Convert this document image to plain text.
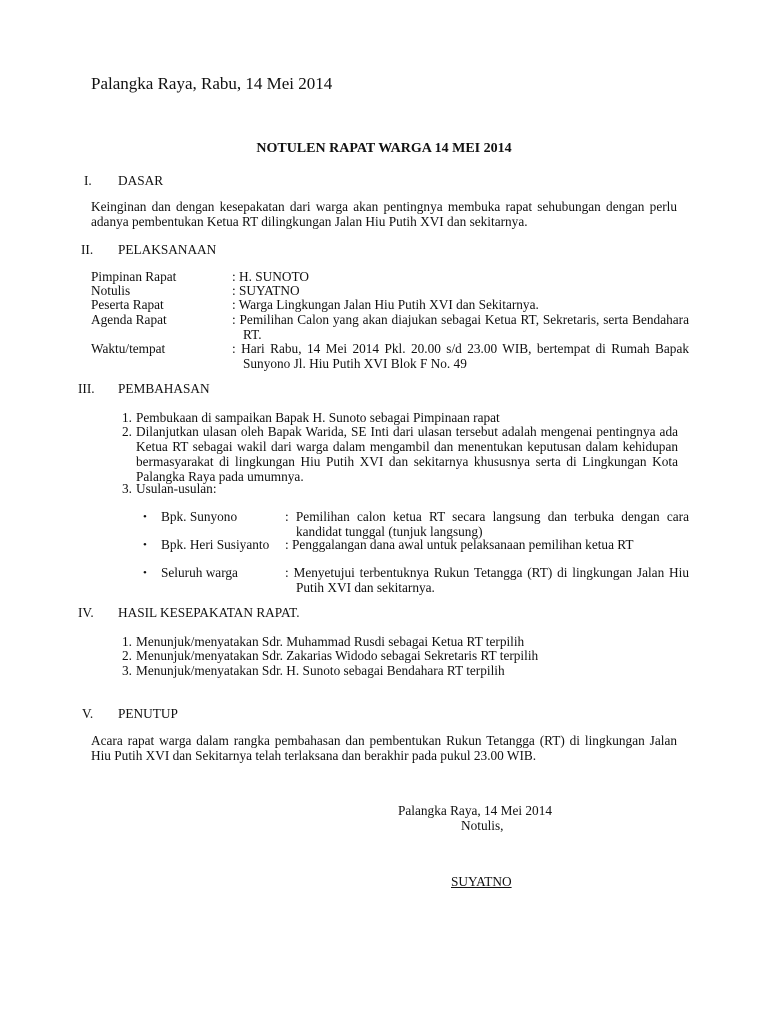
Palangka Raya, Rabu, 14 Mei 2014
NOTULEN RAPAT WARGA 14 MEI 2014
I.	DASAR
Keinginan dan dengan kesepakatan dari warga akan pentingnya membuka rapat sehubungan dengan perlu adanya pembentukan Ketua RT dilingkungan Jalan Hiu Putih XVI dan sekitarnya.
II.	PELAKSANAAN
Pimpinan Rapat	: H. SUNOTO
Notulis	: SUYATNO
Peserta Rapat	: Warga Lingkungan Jalan Hiu Putih XVI dan Sekitarnya.
Agenda Rapat	: Pemilihan Calon yang akan diajukan sebagai Ketua RT, Sekretaris, serta Bendahara RT.
Waktu/tempat	: Hari Rabu, 14 Mei 2014 Pkl. 20.00 s/d 23.00 WIB, bertempat di Rumah Bapak Sunyono Jl. Hiu Putih XVI Blok F No. 49
III.	PEMBAHASAN
1. Pembukaan di sampaikan Bapak H. Sunoto sebagai Pimpinaan rapat
2. Dilanjutkan ulasan oleh Bapak Warida, SE Inti dari ulasan tersebut adalah mengenai pentingnya ada Ketua RT sebagai wakil dari warga dalam mengambil dan menentukan keputusan dalam kehidupan bermasyarakat di lingkungan Hiu Putih XVI dan sekitarnya khususnya serta di Lingkungan Kota Palangka Raya pada umumnya.
3. Usulan-usulan:
• Bpk. Sunyono	: Pemilihan calon ketua RT secara langsung dan terbuka dengan cara kandidat tunggal (tunjuk langsung)
• Bpk. Heri Susiyanto : Penggalangan dana awal untuk pelaksanaan pemilihan ketua RT
• Seluruh warga	: Menyetujui terbentuknya Rukun Tetangga (RT) di lingkungan Jalan Hiu Putih XVI dan sekitarnya.
IV.	HASIL KESEPAKATAN RAPAT.
1. Menunjuk/menyatakan Sdr. Muhammad Rusdi sebagai Ketua RT terpilih
2. Menunjuk/menyatakan Sdr. Zakarias Widodo sebagai Sekretaris RT terpilih
3. Menunjuk/menyatakan Sdr. H. Sunoto sebagai Bendahara RT terpilih
V.	PENUTUP
Acara rapat warga dalam rangka pembahasan dan pembentukan Rukun Tetangga (RT) di lingkungan Jalan Hiu Putih XVI dan Sekitarnya telah terlaksana dan berakhir pada pukul 23.00 WIB.
Palangka Raya, 14 Mei 2014
Notulis,
SUYATNO
